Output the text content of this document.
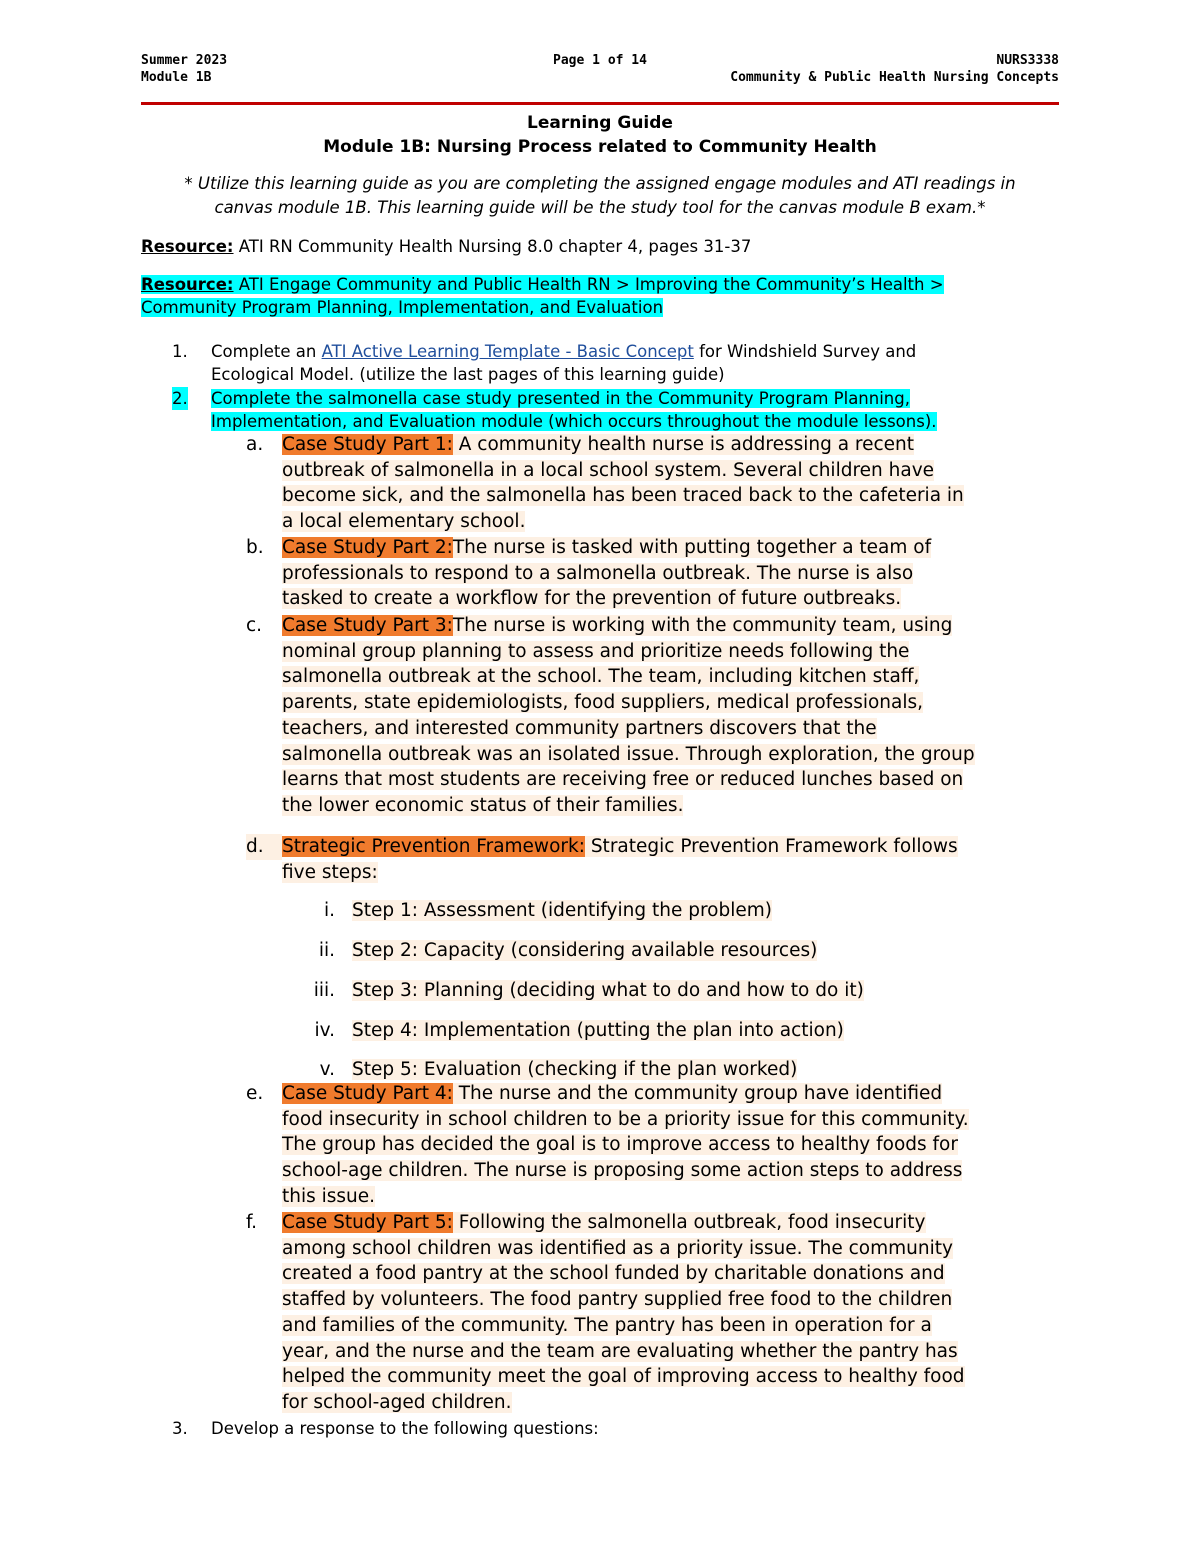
Summer 2023
Module 1B
Page 1 of 14	NURS3338
Community & Public Health Nursing Concepts
Learning Guide
Module 1B: Nursing Process related to Community Health
* Utilize this learning guide as you are completing the assigned engage modules and ATI readings in
canvas module 1B. This learning guide will be the study tool for the canvas module B exam.*
Resource: ATI RN Community Health Nursing 8.0 chapter 4, pages 31-37
Resource: ATI Engage Community and Public Health RN > Improving the Community’s Health >
Community Program Planning, Implementation, and Evaluation
1. Complete an ATI Active Learning Template - Basic Concept for Windshield Survey and
Ecological Model. (utilize the last pages of this learning guide)
2. Complete the salmonella case study presented in the Community Program Planning,
Implementation, and Evaluation module (which occurs throughout the module lessons).
a. Case Study Part 1: A community health nurse is addressing a recent
outbreak of salmonella in a local school system. Several children have
become sick, and the salmonella has been traced back to the cafeteria in
a local elementary school.
b. Case Study Part 2:The nurse is tasked with putting together a team of
professionals to respond to a salmonella outbreak. The nurse is also
tasked to create a workflow for the prevention of future outbreaks.
c. Case Study Part 3:The nurse is working with the community team, using
nominal group planning to assess and prioritize needs following the
salmonella outbreak at the school. The team, including kitchen staff,
parents, state epidemiologists, food suppliers, medical professionals,
teachers, and interested community partners discovers that the
salmonella outbreak was an isolated issue. Through exploration, the group
learns that most students are receiving free or reduced lunches based on
the lower economic status of their families.
d. Strategic Prevention Framework: Strategic Prevention Framework follows
five steps:
i. Step 1: Assessment (identifying the problem)
ii. Step 2: Capacity (considering available resources)
iii. Step 3: Planning (deciding what to do and how to do it)
iv. Step 4: Implementation (putting the plan into action)
v. Step 5: Evaluation (checking if the plan worked)
e. Case Study Part 4: The nurse and the community group have identified
food insecurity in school children to be a priority issue for this community.
The group has decided the goal is to improve access to healthy foods for
school-age children. The nurse is proposing some action steps to address
this issue.
f. Case Study Part 5: Following the salmonella outbreak, food insecurity
among school children was identified as a priority issue. The community
created a food pantry at the school funded by charitable donations and
staffed by volunteers. The food pantry supplied free food to the children
and families of the community. The pantry has been in operation for a
year, and the nurse and the team are evaluating whether the pantry has
helped the community meet the goal of improving access to healthy food
for school-aged children.
3. Develop a response to the following questions:
